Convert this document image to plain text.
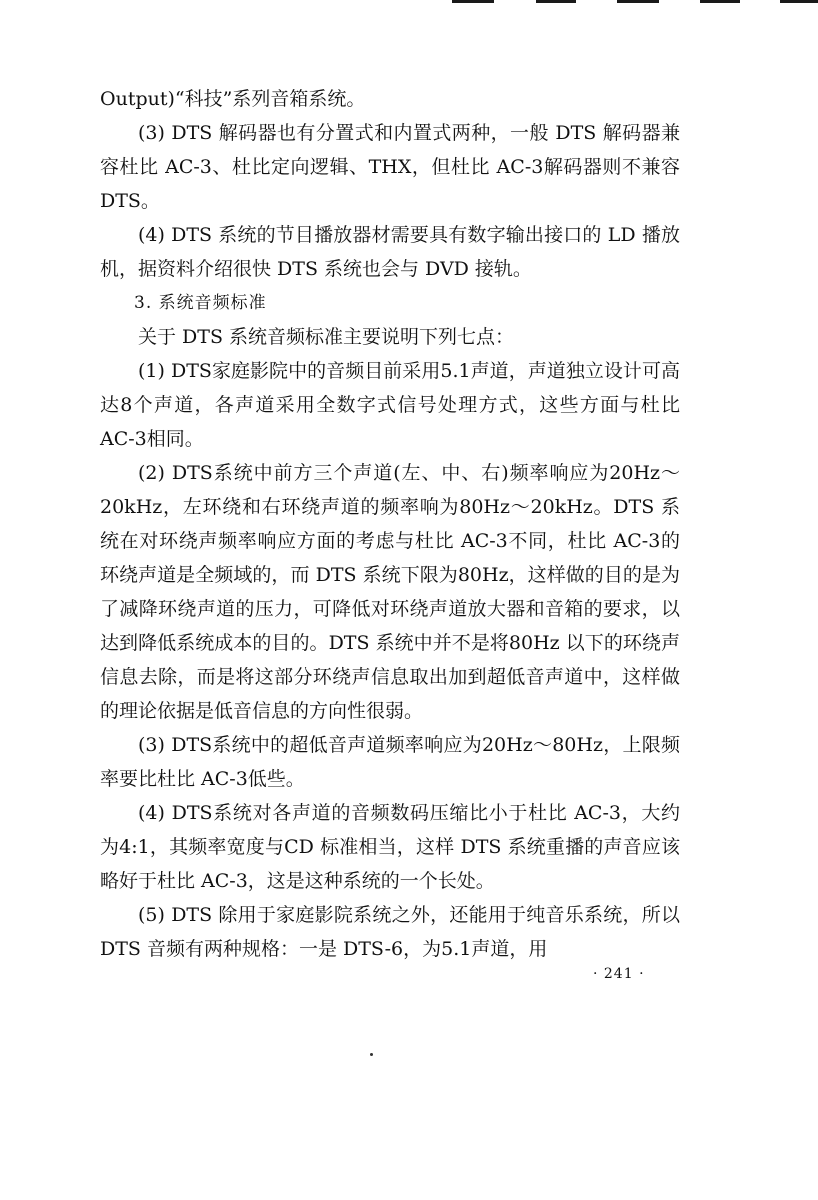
Output)“科技”系列音箱系统。

(3) DTS 解码器也有分置式和内置式两种，一般 DTS 解码器兼容杜比 AC-3、杜比定向逻辑、THX，但杜比 AC-3解码器则不兼容 DTS。

(4) DTS 系统的节目播放器材需要具有数字输出接口的 LD 播放机，据资料介绍很快 DTS 系统也会与 DVD 接轨。

3. 系统音频标准

关于 DTS 系统音频标准主要说明下列七点：

(1) DTS家庭影院中的音频目前采用5.1声道，声道独立设计可高达8个声道，各声道采用全数字式信号处理方式，这些方面与杜比 AC-3相同。

(2) DTS系统中前方三个声道(左、中、右)频率响应为20Hz～20kHz，左环绕和右环绕声道的频率响为80Hz～20kHz。DTS 系统在对环绕声频率响应方面的考虑与杜比 AC-3不同，杜比 AC-3的环绕声道是全频域的，而 DTS 系统下限为80Hz，这样做的目的是为了减降环绕声道的压力，可降低对环绕声道放大器和音箱的要求，以达到降低系统成本的目的。DTS 系统中并不是将80Hz 以下的环绕声信息去除，而是将这部分环绕声信息取出加到超低音声道中，这样做的理论依据是低音信息的方向性很弱。

(3) DTS系统中的超低音声道频率响应为20Hz～80Hz，上限频率要比杜比 AC-3低些。

(4) DTS系统对各声道的音频数码压缩比小于杜比 AC-3，大约为4:1，其频率宽度与CD 标准相当，这样 DTS 系统重播的声音应该略好于杜比 AC-3，这是这种系统的一个长处。

(5) DTS 除用于家庭影院系统之外，还能用于纯音乐系统，所以 DTS 音频有两种规格：一是 DTS-6，为5.1声道，用

· 241 ·
